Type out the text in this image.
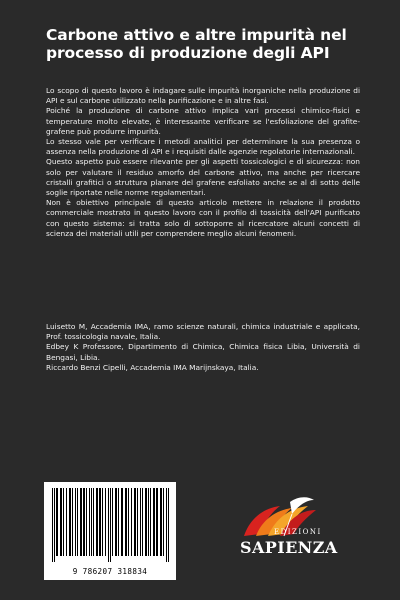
Carbone attivo e altre impurità nel processo di produzione degli API

Lo scopo di questo lavoro è indagare sulle impurità inorganiche nella produzione di API e sul carbone utilizzato nella purificazione e in altre fasi.

Poiché la produzione di carbone attivo implica vari processi chimico-fisici e temperature molto elevate, è interessante verificare se l'esfoliazione del grafite-grafene può produrre impurità.

Lo stesso vale per verificare i metodi analitici per determinare la sua presenza o assenza nella produzione di API e i requisiti dalle agenzie regolatorie internazionali.

Questo aspetto può essere rilevante per gli aspetti tossicologici e di sicurezza: non solo per valutare il residuo amorfo del carbone attivo, ma anche per ricercare cristalli grafitici o struttura planare del grafene esfoliato anche se al di sotto delle soglie riportate nelle norme regolamentari.

Non è obiettivo principale di questo articolo mettere in relazione il prodotto commerciale mostrato in questo lavoro con il profilo di tossicità dell'API purificato con questo sistema: si tratta solo di sottoporre al ricercatore alcuni concetti di scienza dei materiali utili per comprendere meglio alcuni fenomeni.

Luisetto M, Accademia IMA, ramo scienze naturali, chimica industriale e applicata, Prof. tossicologia navale, Italia.

Edbey K Professore, Dipartimento di Chimica, Chimica fisica Libia, Università di Bengasi, Libia.

Riccardo Benzi Cipelli, Accademia IMA Marijnskaya, Italia.

9 786207 318834
EDIZIONI
SAPIENZA
